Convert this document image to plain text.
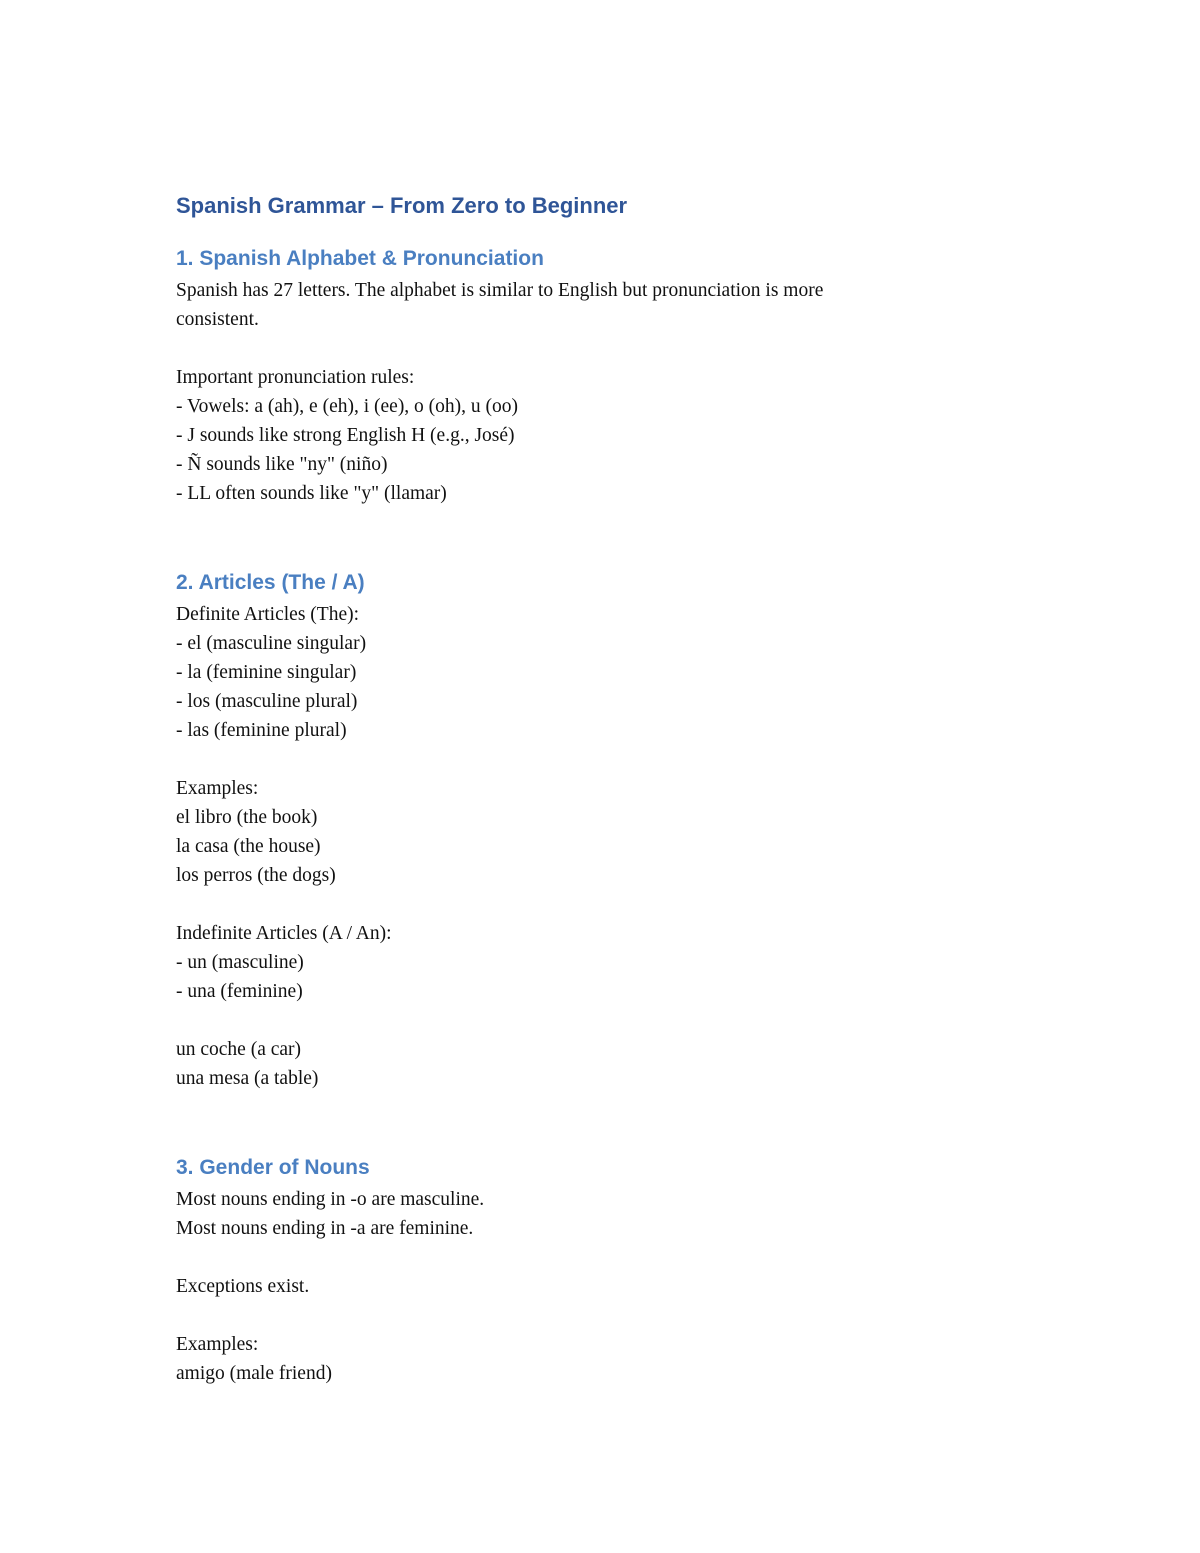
Spanish Grammar – From Zero to Beginner
1. Spanish Alphabet & Pronunciation

Spanish has 27 letters. The alphabet is similar to English but pronunciation is more

consistent.

Important pronunciation rules:

- Vowels: a (ah), e (eh), i (ee), o (oh), u (oo)

- J sounds like strong English H (e.g., José)

- Ñ sounds like "ny" (niño)

- LL often sounds like "y" (llamar)

2. Articles (The / A)

Definite Articles (The):

- el (masculine singular)

- la (feminine singular)

- los (masculine plural)

- las (feminine plural)

Examples:

el libro (the book)

la casa (the house)

los perros (the dogs)

Indefinite Articles (A / An):

- un (masculine)

- una (feminine)

un coche (a car)

una mesa (a table)

3. Gender of Nouns

Most nouns ending in -o are masculine.

Most nouns ending in -a are feminine.

Exceptions exist.

Examples:

amigo (male friend)
